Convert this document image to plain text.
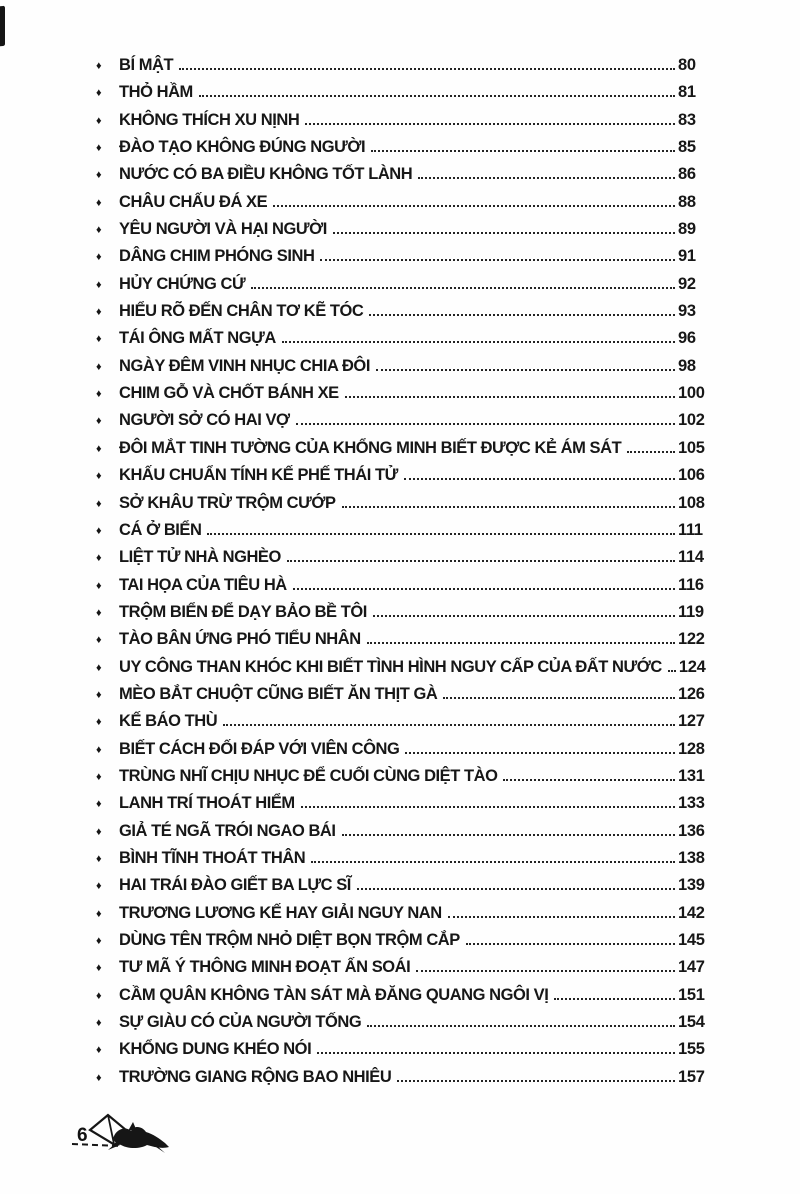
♦	BÍ MẬT	80
♦	THỎ HẦM	81
♦	KHÔNG THÍCH XU NỊNH	83
♦	ĐÀO TẠO KHÔNG ĐÚNG NGƯỜI	85
♦	NƯỚC CÓ BA ĐIỀU KHÔNG TỐT LÀNH	86
♦	CHÂU CHẤU ĐÁ XE	88
♦	YÊU NGƯỜI VÀ HẠI NGƯỜI	89
♦	DÂNG CHIM PHÓNG SINH	91
♦	HỦY CHỨNG CỨ	92
♦	HIỂU RÕ ĐẾN CHÂN TƠ KẼ TÓC	93
♦	TÁI ÔNG MẤT NGỰA	96
♦	NGÀY ĐÊM VINH NHỤC CHIA ĐÔI	98
♦	CHIM GỖ VÀ CHỐT BÁNH XE	100
♦	NGƯỜI SỞ CÓ HAI VỢ	102
♦	ĐÔI MẮT TINH TƯỜNG CỦA KHỔNG MINH BIẾT ĐƯỢC KẺ ÁM SÁT	105
♦	KHẤU CHUẨN TÍNH KẾ PHẾ THÁI TỬ	106
♦	SỞ KHÂU TRỪ TRỘM CƯỚP	108
♦	CÁ Ở BIỂN	111
♦	LIỆT TỬ NHÀ NGHÈO	114
♦	TAI HỌA CỦA TIÊU HÀ	116
♦	TRỘM BIỂN ĐỂ DẠY BẢO BỀ TÔI	119
♦	TÀO BÂN ỨNG PHÓ TIỂU NHÂN	122
♦	UY CÔNG THAN KHÓC KHI BIẾT TÌNH HÌNH NGUY CẤP CỦA ĐẤT NƯỚC 124
♦	MÈO BẮT CHUỘT CŨNG BIẾT ĂN THỊT GÀ	126
♦	KẾ BÁO THÙ	127
♦	BIẾT CÁCH ĐỐI ĐÁP VỚI VIÊN CÔNG	128
♦	TRÙNG NHĨ CHỊU NHỤC ĐỂ CUỐI CÙNG DIỆT TÀO	131
♦	LANH TRÍ THOÁT HIỂM	133
♦	GIẢ TÉ NGÃ TRÓI NGAO BÁI	136
♦	BÌNH TĨNH THOÁT THÂN	138
♦	HAI TRÁI ĐÀO GIẾT BA LỰC SĨ	139
♦	TRƯƠNG LƯƠNG KẾ HAY GIẢI NGUY NAN	142
♦	DÙNG TÊN TRỘM NHỎ DIỆT BỌN TRỘM CẮP	145
♦	TƯ MÃ Ý THÔNG MINH ĐOẠT ẤN SOÁI	147
♦	CẦM QUÂN KHÔNG TÀN SÁT MÀ ĐĂNG QUANG NGÔI VỊ	151
♦	SỰ GIÀU CÓ CỦA NGƯỜI TỐNG	154
♦	KHỔNG DUNG KHÉO NÓI	155
♦	TRƯỜNG GIANG RỘNG BAO NHIÊU	157
6
